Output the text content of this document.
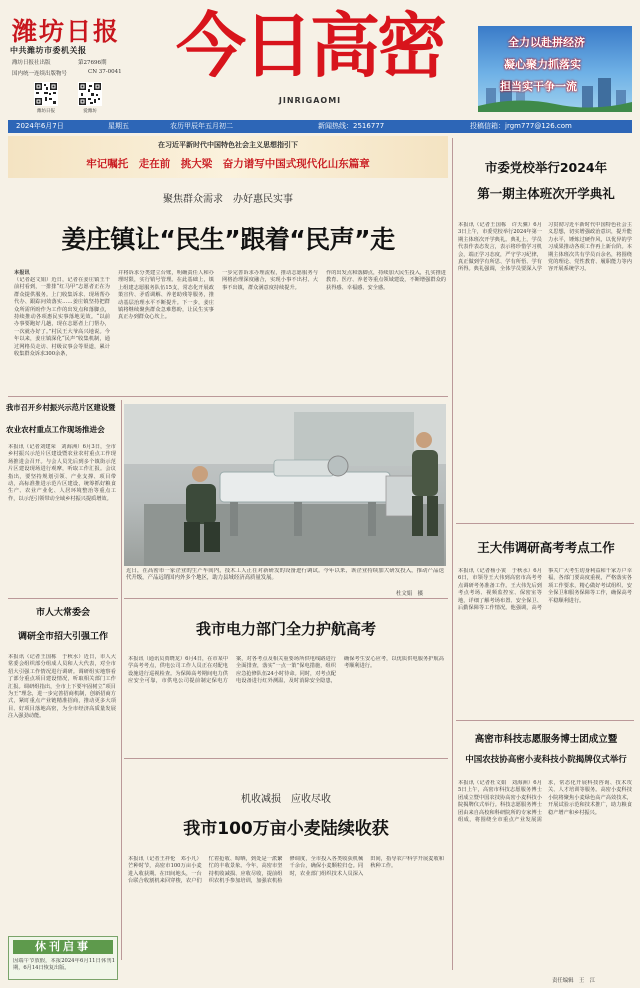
潍坊日报
中共潍坊市委机关报
潍坊日报社出版	第27696期
国内统一连续出版物号	CN 37-0041
潍坊日报	爱潍坊
今日高密
JINRIGAOMI
全力以赴拼经济
凝心聚力抓落实
担当实干争一流
2024年6月7日	星期五	农历甲辰年五月初二	新闻热线：2516777	投稿信箱：jrgm777@126.com
在习近平新时代中国特色社会主义思想指引下
牢记嘱托　走在前　挑大梁　奋力谱写中国式现代化山东篇章
聚焦群众需求　办好惠民实事
姜庄镇让“民生”跟着“民声”走
本报讯
（记者赵文娟）近日，记者在姜庄镇王干前村看到，一排排“红马甲”志愿者正在为群众提供服务。上门收集诉求、现场帮办代办、跟踪问效落实……姜庄镇坚持把群众所需所盼作为工作的出发点和落脚点，持续推动各项惠民实事落地见效。“以前办事要跑好几趟，现在志愿者上门帮办，一次就办好了。”村民王大爷高兴地说。今年以来，姜庄镇深化“民声”收集机制，通过网格员走访、村级议事会等渠道，累计收集群众诉求300余条，
并将诉求分类建立台账，明确责任人和办理时限，实行销号管理。在此基础上，镇上组建志愿服务队伍15支，常态化开展政策宣传、矛盾调解、养老助残等服务，推动基层治理水平不断提升。下一步，姜庄镇将继续聚焦群众急难愁盼，让民生实事真正办到群众心坎上。
一步完善诉求办理流程，推动志愿服务与网格治理深度融合，实现小事不出村、大事不出镇，群众满意度持续提升。
作的出发点和落脚点，持续加大民生投入，扎实推进教育、医疗、养老等重点领域建设，不断增强群众的获得感、幸福感、安全感。
市委党校举行2024年
第一期主体班次开学典礼
本报讯（记者王国栋　许天骥）6月3日上午，市委党校举行2024年第一期主体班次开学典礼。典礼上，学员代表作表态发言，表示将珍惜学习机会，端正学习态度，严守学习纪律，真正做到学有所思、学有所悟、学有所得。典礼强调，全体学员要深入学习贯彻习近平新时代中国特色社会主义思想，切实增强政治意识，提升能力水平，锤炼过硬作风，以优异的学习成果推动各项工作再上新台阶。本期主体班次共有学员百余名，将围绕党的理论、党性教育、履职能力等内容开展系统学习。
王大伟调研高考考点工作
本报讯（记者杨小寅　于秋水）6月6日，市领导王大伟到高密市高考考点调研考务准备工作。王大伟先后到考点考场、视频监控室、保密室等地，详细了解考场布置、安全保卫、后勤保障等工作情况。他强调，高考事关广大考生切身利益和千家万户幸福，各部门要高度重视，严格落实各项工作要求，精心做好考试组织、安全保卫和服务保障等工作，确保高考平稳顺利进行。
高密市科技志愿服务博士团成立暨
中国农技协高密小麦科技小院揭牌仪式举行
本报讯（记者杜文娟　刘海洲）6月5日上午，高密市科技志愿服务博士团成立暨中国农技协高密小麦科技小院揭牌仪式举行。科技志愿服务博士团由来自高校和科研院所的专家博士组成，将围绕全市重点产业发展需求，常态化开展科技咨询、技术攻关、人才培训等服务。高密小麦科技小院将聚焦小麦绿色高产高效技术，开展试验示范和技术推广，助力粮食稳产增产和乡村振兴。
我市召开乡村振兴示范片区建设暨
农业农村重点工作现场推进会
本报讯（记者刘建荣　刘海洲）6月3日，全市乡村振兴示范片区建设暨农业农村重点工作现场推进会召开。与会人员先后到多个镇街示范片区建设现场进行观摩，听取工作汇报。会议指出，要坚持规划引领、产业支撑、项目带动，高标准推进示范片区建设，统筹抓好粮食生产、农业产业化、人居环境整治等重点工作，以示范引领带动全域乡村振兴提质增效。
市人大常委会
调研全市招大引强工作
本报讯（记者王国栋　于秋水）近日，市人大常委会组织部分组成人员和人大代表，对全市招大引强工作情况进行调研。调研组实地察看了部分重点项目建设情况，听取相关部门工作汇报。调研组指出，全市上下要牢固树立“项目为王”理念，进一步完善招商机制，创新招商方式，紧盯重点产业链精准招商，推动更多大项目、好项目落地高密，为全市经济高质量发展注入强劲动能。
休刊启事
因端午节放假，本报2024年6月11日休刊1期，6月14日恢复出版。
近日，在高密市一家企业的生产车间内，技术工人正在对新研发的设备进行调试。今年以来，该企业持续加大研发投入，推动产品迭代升级，产品远销国内外多个地区，助力县域经济高质量发展。
杜文娟　摄
我市电力部门全力护航高考
本报讯（通讯员贾晓龙）6月4日，在市某中学高考考点，供电公司工作人员正在对配电设施进行巡视检查。为保障高考期间电力供应安全可靠，市供电公司提前制定保电方案，对各考点及相关重要场所供电线路进行全面排查，落实“一点一策”保电措施，组织应急抢修队伍24小时待命。同时，对考点配电设备进行红外测温，及时消除安全隐患，确保考生安心应考，以优质供电服务护航高考顺利进行。
机收减损　应收尽收
我市100万亩小麦陆续收获
本报讯（记者王祥伦　邓小凡）芒种时节，高密市100万亩小麦进入收获期。在田间地头，一台台联合收割机来回穿梭，农户们忙着抢收、晾晒，到处是一派繁忙的丰收景象。今年，高密市坚持机收减损、应收尽收，提前组织农机手参加培训，加强农机检修调度，全市投入各类收获机械千余台，确保小麦颗粒归仓。同时，农业部门组织技术人员深入田间，指导农户科学开展麦收和秋种工作。
责任编辑　王　江
